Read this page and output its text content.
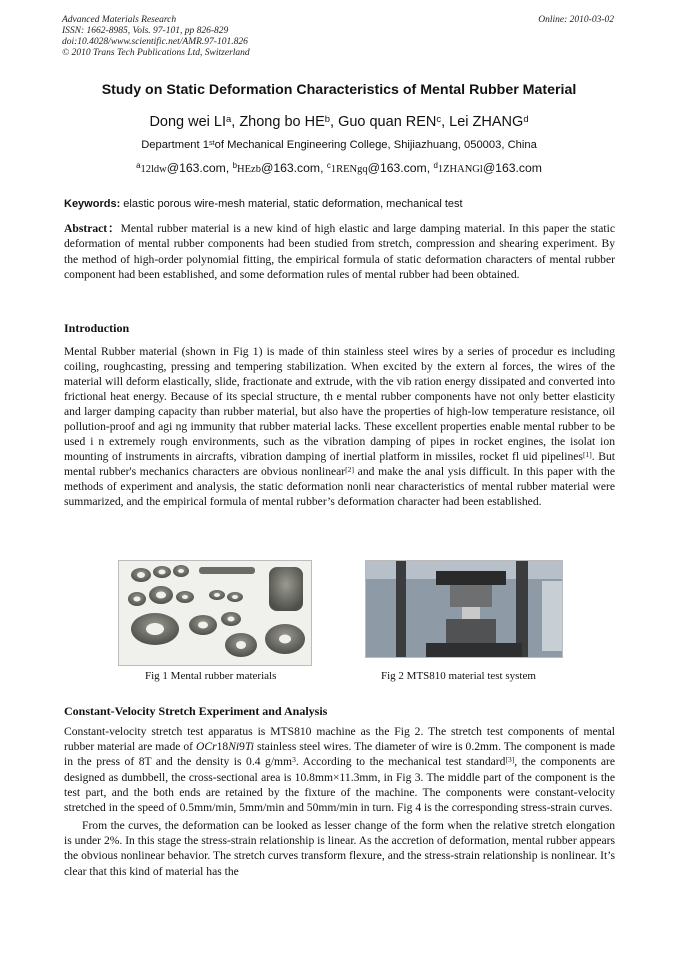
Advanced Materials Research
ISSN: 1662-8985, Vols. 97-101, pp 826-829
doi:10.4028/www.scientific.net/AMR.97-101.826
© 2010 Trans Tech Publications Ltd, Switzerland
Online: 2010-03-02
Study on Static Deformation Characteristics of Mental Rubber Material
Dong wei $LI^a$, Zhong bo $HE^b$, Guo quan REN$^c$, Lei ZHANG$^d$
Department 1stof Mechanical Engineering College, Shijiazhuang, 050003, China
$^a$12ldw@163.com, $^b$HEzb@163.com, $^c$1RENgq@163.com, $^d$1ZHANGl@163.com
Keywords: elastic porous wire-mesh material, static deformation, mechanical test
Abstract：Mental rubber material is a new kind of high elastic and large damping material. In this paper the static deformation of mental rubber components had been studied from stretch, compression and shearing experiment. By the method of high-order polynomial fitting, the empirical formula of static deformation characters of mental rubber component had been established, and some deformation rules of mental rubber had been obtained.
Introduction
Mental Rubber material (shown in Fig 1) is made of thin stainless steel wires by a series of procedur es including coiling, roughcasting, pressing and tempering stabilization. When excited by the extern al forces, the wires of the material will deform elastically, slide, fractionate and extrude, with the vib ration energy dissipated and converted into frictional heat energy. Because of its special structure, th e mental rubber components have not only better elasticity and larger damping capacity than rubber material, but also have the properties of high-low temperature resistance, oil pollution-proof and agi ng immunity that rubber material lacks. These excellent properties enable mental rubber to be used i n extremely rough environments, such as the vibration damping of pipes in rocket engines, the isolat ion mounting of instruments in aircrafts, vibration damping of inertial platform in missiles, rocket fl uid pipelines[1]. But mental rubber's mechanics characters are obvious nonlinear[2] and make the anal ysis difficult. In this paper with the methods of experiment and analysis, the static deformation nonli near characteristics of mental rubber material were summarized, and the empirical formula of mental rubber’s deformation character had been established.
Fig 1 Mental rubber materials	Fig 2 MTS810 material test system
Constant-Velocity Stretch Experiment and Analysis
Constant-velocity stretch test apparatus is MTS810 machine as the Fig 2. The stretch test components of mental rubber material are made of OCr18Ni9Ti stainless steel wires. The diameter of wire is 0.2mm. The component is made in the press of 8T and the density is 0.4 $g/mm^3$. According to the mechanical test standard[3], the components are designed as dumbbell, the cross-sectional area is 10.8mm×11.3mm, in Fig 3. The middle part of the component is the test part, and the both ends are retained by the fixture of the machine. The components were constant-velocity stretched in the speed of 0.5mm/min, 5mm/min and 50mm/min in turn. Fig 4 is the corresponding stress-strain curves.
From the curves, the deformation can be looked as lesser change of the form when the relative stretch elongation is under 2%. In this stage the stress-strain relationship is linear. As the accretion of deformation, mental rubber appears the obvious nonlinear behavior. The stretch curves transform flexure, and the stress-strain relationship is nonlinear. It’s clear that this kind of material has the
